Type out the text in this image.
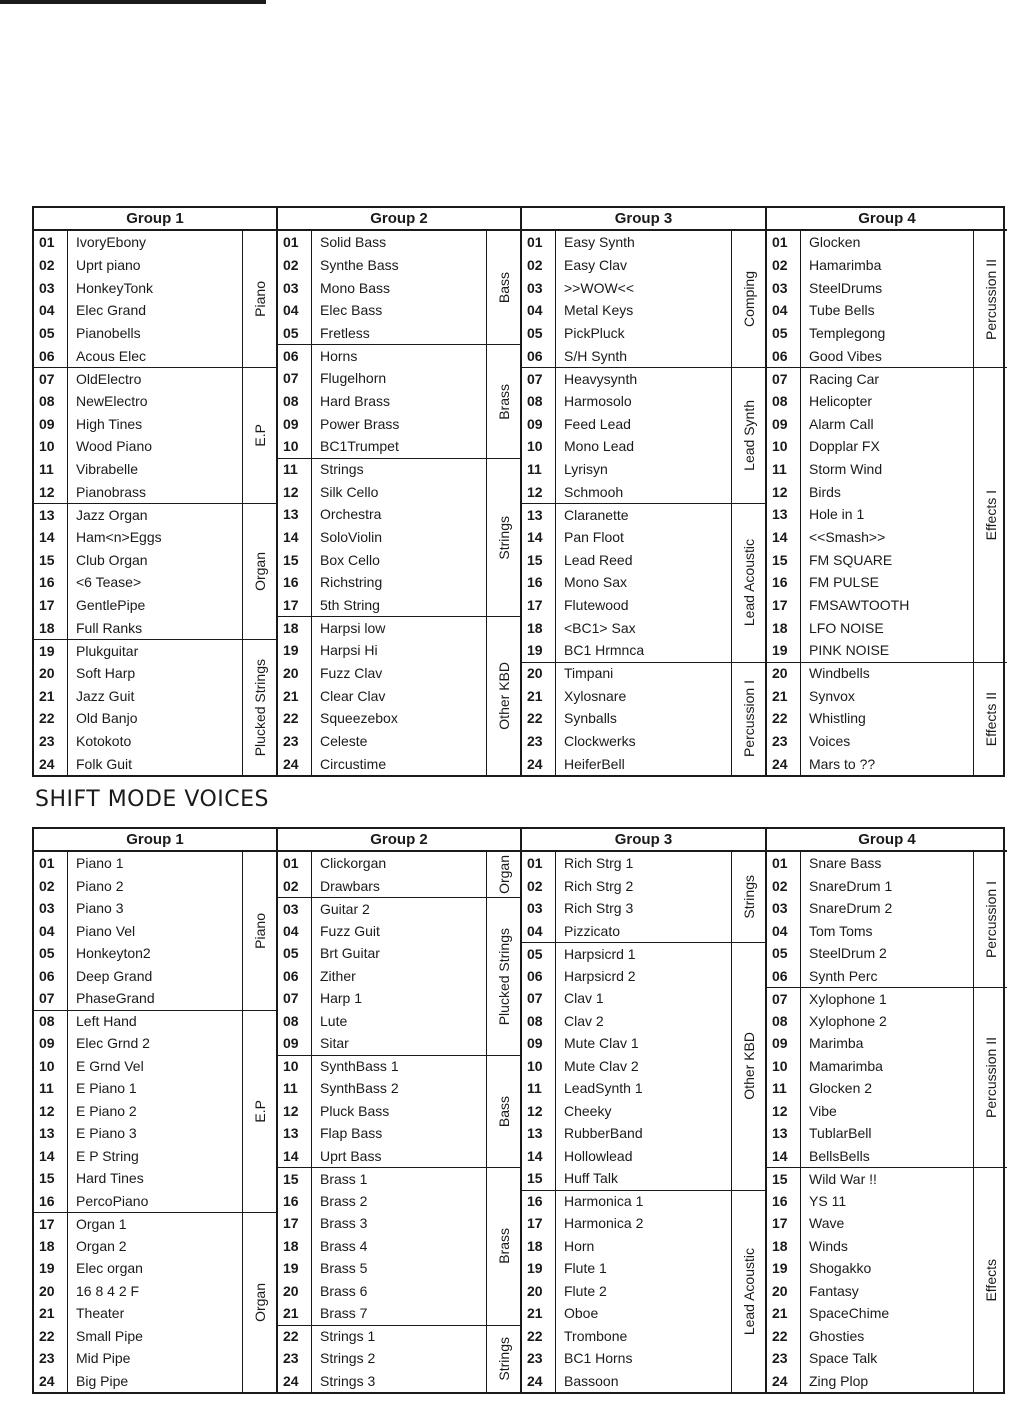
Group 1
01
02
03
04
05
06
07
08
09
10
11
12
13
14
15
16
17
18
19
20
21
22
23
24
IvoryEbony
Uprt piano
HonkeyTonk
Elec Grand
Pianobells
Acous Elec
OldElectro
NewElectro
High Tines
Wood Piano
Vibrabelle
Pianobrass
Jazz Organ
Ham<n>Eggs
Club Organ
<6 Tease>
GentlePipe
Full Ranks
Plukguitar
Soft Harp
Jazz Guit
Old Banjo
Kotokoto
Folk Guit
Piano
E.P
Organ
Plucked Strings
Group 2
01
02
03
04
05
06
07
08
09
10
11
12
13
14
15
16
17
18
19
20
21
22
23
24
Solid Bass
Synthe Bass
Mono Bass
Elec Bass
Fretless
Horns
Flugelhorn
Hard Brass
Power Brass
BC1Trumpet
Strings
Silk Cello
Orchestra
SoloViolin
Box Cello
Richstring
5th String
Harpsi low
Harpsi Hi
Fuzz Clav
Clear Clav
Squeezebox
Celeste
Circustime
Bass
Brass
Strings
Other KBD
Group 3
01
02
03
04
05
06
07
08
09
10
11
12
13
14
15
16
17
18
19
20
21
22
23
24
Easy Synth
Easy Clav
>>WOW<<
Metal Keys
PickPluck
S/H Synth
Heavysynth
Harmosolo
Feed Lead
Mono Lead
Lyrisyn
Schmooh
Claranette
Pan Floot
Lead Reed
Mono Sax
Flutewood
<BC1> Sax
BC1 Hrmnca
Timpani
Xylosnare
Synballs
Clockwerks
HeiferBell
Comping
Lead Synth
Lead Acoustic
Percussion I
Group 4
01
02
03
04
05
06
07
08
09
10
11
12
13
14
15
16
17
18
19
20
21
22
23
24
Glocken
Hamarimba
SteelDrums
Tube Bells
Templegong
Good Vibes
Racing Car
Helicopter
Alarm Call
Dopplar FX
Storm Wind
Birds
Hole in 1
<<Smash>>
FM SQUARE
FM PULSE
FMSAWTOOTH
LFO NOISE
PINK NOISE
Windbells
Synvox
Whistling
Voices
Mars to ??
Percussion II
Effects I
Effects II
SHIFT MODE VOICES
Group 1
01
02
03
04
05
06
07
08
09
10
11
12
13
14
15
16
17
18
19
20
21
22
23
24
Piano 1
Piano 2
Piano 3
Piano Vel
Honkeyton2
Deep Grand
PhaseGrand
Left Hand
Elec Grnd 2
E Grnd Vel
E Piano 1
E Piano 2
E Piano 3
E P String
Hard Tines
PercoPiano
Organ 1
Organ 2
Elec organ
16 8 4 2 F
Theater
Small Pipe
Mid Pipe
Big Pipe
Piano
E.P
Organ
Group 2
01
02
03
04
05
06
07
08
09
10
11
12
13
14
15
16
17
18
19
20
21
22
23
24
Clickorgan
Drawbars
Guitar 2
Fuzz Guit
Brt Guitar
Zither
Harp 1
Lute
Sitar
SynthBass 1
SynthBass 2
Pluck Bass
Flap Bass
Uprt Bass
Brass 1
Brass 2
Brass 3
Brass 4
Brass 5
Brass 6
Brass 7
Strings 1
Strings 2
Strings 3
Organ
Plucked Strings
Bass
Brass
Strings
Group 3
01
02
03
04
05
06
07
08
09
10
11
12
13
14
15
16
17
18
19
20
21
22
23
24
Rich Strg 1
Rich Strg 2
Rich Strg 3
Pizzicato
Harpsicrd 1
Harpsicrd 2
Clav 1
Clav 2
Mute Clav 1
Mute Clav 2
LeadSynth 1
Cheeky
RubberBand
Hollowlead
Huff Talk
Harmonica 1
Harmonica 2
Horn
Flute 1
Flute 2
Oboe
Trombone
BC1 Horns
Bassoon
Strings
Other KBD
Lead Acoustic
Group 4
01
02
03
04
05
06
07
08
09
10
11
12
13
14
15
16
17
18
19
20
21
22
23
24
Snare Bass
SnareDrum 1
SnareDrum 2
Tom Toms
SteelDrum 2
Synth Perc
Xylophone 1
Xylophone 2
Marimba
Mamarimba
Glocken 2
Vibe
TublarBell
BellsBells
Wild War !!
YS 11
Wave
Winds
Shogakko
Fantasy
SpaceChime
Ghosties
Space Talk
Zing Plop
Percussion I
Percussion II
Effects
